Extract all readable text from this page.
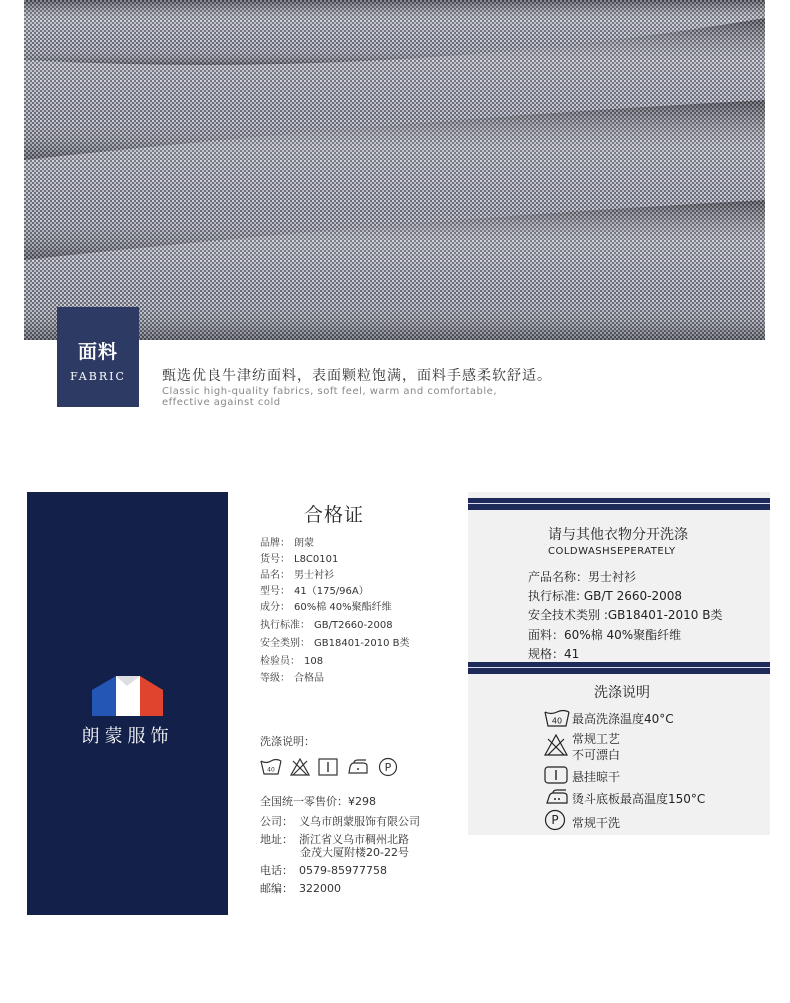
面料
FABRIC	甄选优良牛津纺面料，表面颗粒饱满，面料手感柔软舒适。
Classic high-quality fabrics, soft feel, warm and comfortable, effective against cold
朗蒙服饰
合格证
品牌： 朗蒙
货号： L8C0101
品名： 男士衬衫
型号： 41（175/96A）
成分： 60%棉 40%聚酯纤维
执行标准： GB/T2660-2008
安全类别： GB18401-2010 B类
检验员： 108
等级： 合格品
洗涤说明：
40	P
全国统一零售价：¥298
公司： 义乌市朗蒙服饰有限公司
地址： 浙江省义乌市稠州北路
金茂大厦附楼20-22号
电话： 0579-85977758
邮编： 322000
请与其他衣物分开洗涤
COLDWASHSEPERATELY
产品名称：男士衬衫
执行标准: GB/T 2660-2008
安全技术类别 :GB18401-2010 B类
面料：60%棉 40%聚酯纤维
规格：41
洗涤说明
40 最高洗涤温度40°C
常规工艺
不可漂白
悬挂晾干
烫斗底板最高温度150°C
P 常规干洗
